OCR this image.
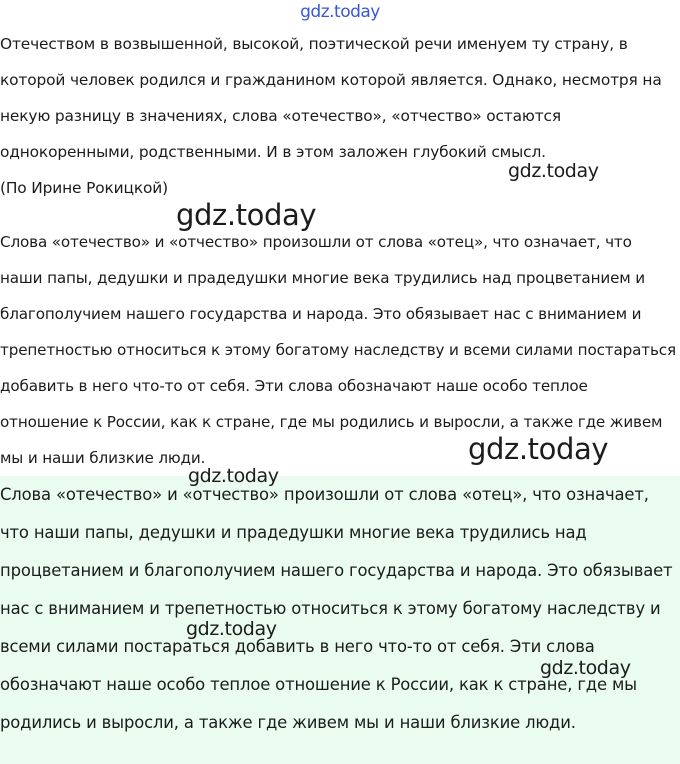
gdz.today

Отечеством в возвышенной, высокой, поэтической речи именуем ту страну, в которой человек родился и гражданином которой является. Однако, несмотря на некую разницу в значениях, слова «отечество», «отчество» остаются однокоренными, родственными. И в этом заложен глубокий смысл.

(По Ирине Рокицкой)

Слова «отечество» и «отчество» произошли от слова «отец», что означает, что наши папы, дедушки и прадедушки многие века трудились над процветанием и благополучием нашего государства и народа. Это обязывает нас с вниманием и трепетностью относиться к этому богатому наследству и всеми силами постараться добавить в него что-то от себя. Эти слова обозначают наше особо теплое отношение к России, как к стране, где мы родились и выросли, а также где живем мы и наши близкие люди.

Слова «отечество» и «отчество» произошли от слова «отец», что означает, что наши папы, дедушки и прадедушки многие века трудились над процветанием и благополучием нашего государства и народа. Это обязывает нас с вниманием и трепетностью относиться к этому богатому наследству и всеми силами постараться добавить в него что-то от себя. Эти слова обозначают наше особо теплое отношение к России, как к стране, где мы родились и выросли, а также где живем мы и наши близкие люди.

gdz.today
gdz.today
gdz.today
gdz.today
gdz.today
gdz.today
